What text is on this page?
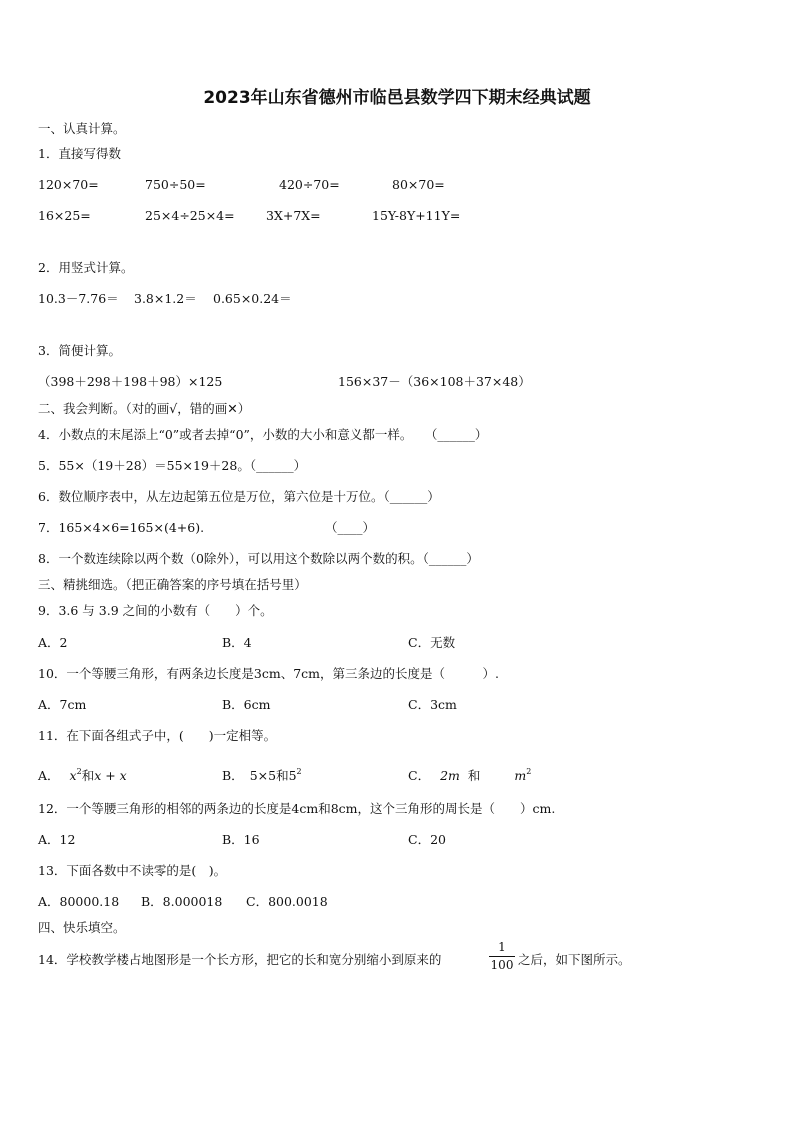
2023年山东省德州市临邑县数学四下期末经典试题
一、认真计算。
1．直接写得数
120×70=	750÷50=	420÷70=	80×70=
16×25=	25×4÷25×4=	3X+7X=	15Y-8Y+11Y=
2．用竖式计算。
10.3－7.76＝ 3.8×1.2＝ 0.65×0.24＝
3．简便计算。
（398＋298＋198＋98）×125	156×37－（36×108＋37×48）
二、我会判断。（对的画√，错的画✕）
4．小数点的末尾添上“0”或者去掉“0”，小数的大小和意义都一样。　　（______）
5．55×（19＋28）＝55×19＋28。（______）
6．数位顺序表中，从左边起第五位是万位，第六位是十万位。（______）
7．165×4×6=165×(4+6).	（____）
8．一个数连续除以两个数（0除外），可以用这个数除以两个数的积。（______）
三、精挑细选。（把正确答案的序号填在括号里）
9．3.6 与 3.9 之间的小数有（　　）个。
A．2	B．4	C．无数
10．一个等腰三角形，有两条边长度是3cm、7cm，第三条边的长度是（　　　）.
A．7cm	B．6cm	C．3cm
11．在下面各组式子中，(　　)一定相等。
A． $x^2$和x + x	B． 5×5和$5^2$	C． 2m 和	$m^2$
12．一个等腰三角形的相邻的两条边的长度是4cm和8cm，这个三角形的周长是（　　）cm.
A．12	B．16	C．20
13．下面各数中不读零的是(　)。
A．80000.18 B．8.000018 C．800.0018
四、快乐填空。
14．学校教学楼占地图形是一个长方形，把它的长和宽分别缩小到原来的
1
100 之后，如下图所示。
